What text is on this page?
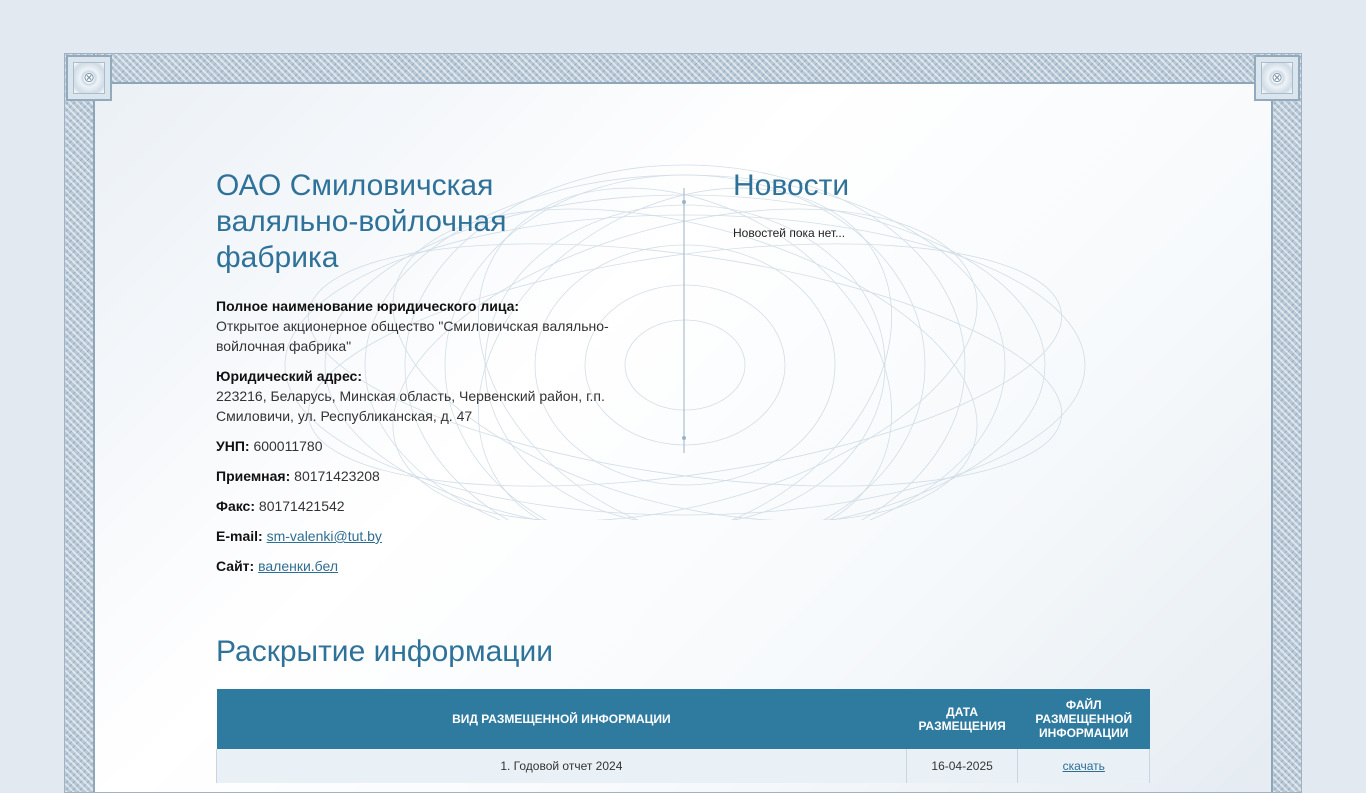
⊗	⊗
ОАО Смиловичская валяльно-войлочная фабрика
Полное наименование юридического лица:
Открытое акционерное общество "Смиловичская валяльно-войлочная фабрика"
Юридический адрес:
223216, Беларусь, Минская область, Червенский район, г.п. Смиловичи, ул. Республиканская, д. 47
УНП: 600011780
Приемная: 80171423208
Факс: 80171421542
E-mail: sm-valenki@tut.by
Сайт: валенки.бел
Новости
Новостей пока нет...
Раскрытие информации
ВИД РАЗМЕЩЕННОЙ ИНФОРМАЦИИ	ДАТА РАЗМЕЩЕНИЯ	ФАЙЛ РАЗМЕЩЕННОЙ ИНФОРМАЦИИ
1. Годовой отчет 2024	16-04-2025	скачать
